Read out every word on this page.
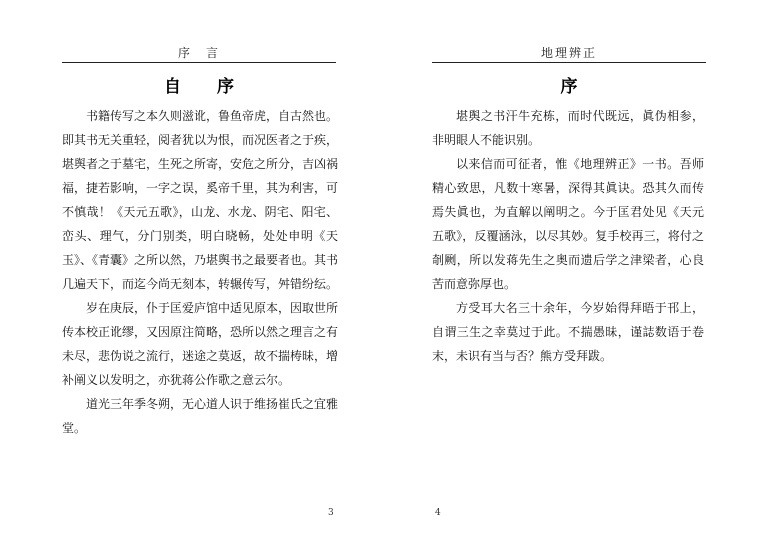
序　言
自序

书籍传写之本久则滋讹，鲁鱼帝虎，自古然也。即其书无关重轻，阅者犹以为恨，而况医者之于疾，堪舆者之于墓宅，生死之所寄，安危之所分，吉凶祸福，捷若影响，一字之误，奚帝千里，其为利害，可不慎哉！《天元五歌》，山龙、水龙、阴宅、阳宅、峦头、理气，分门别类，明白晓畅，处处申明《天玉》、《青囊》之所以然，乃堪舆书之最要者也。其书几遍天下，而迄今尚无刻本，转辗传写，舛错纷纭。

岁在庚辰，仆于匡爱庐馆中适见原本，因取世所传本校正讹缪，又因原注简略，恐所以然之理言之有未尽，悲伪说之流行，迷途之莫返，故不揣梼昧，增补阐义以发明之，亦犹蒋公作歌之意云尔。

道光三年季冬朔，无心道人识于维扬崔氏之宜雅堂。

3
地理辨正
序

堪舆之书汗牛充栋，而时代既远，眞伪相参，非明眼人不能识别。

以来信而可征者，惟《地理辨正》一书。吾师精心致思，凡数十寒暑，深得其眞诀。恐其久而传焉失眞也，为直解以阐明之。今于匡君处见《天元五歌》，反覆涵泳，以尽其妙。复手校再三，将付之剞劂，所以发蒋先生之奥而遗后学之津梁者，心良苦而意弥厚也。

方受耳大名三十余年，今岁始得拜晤于邗上，自谓三生之幸莫过于此。不揣愚昧，谨誌数语于卷末，未识有当与否？熊方受拜跋。

4
